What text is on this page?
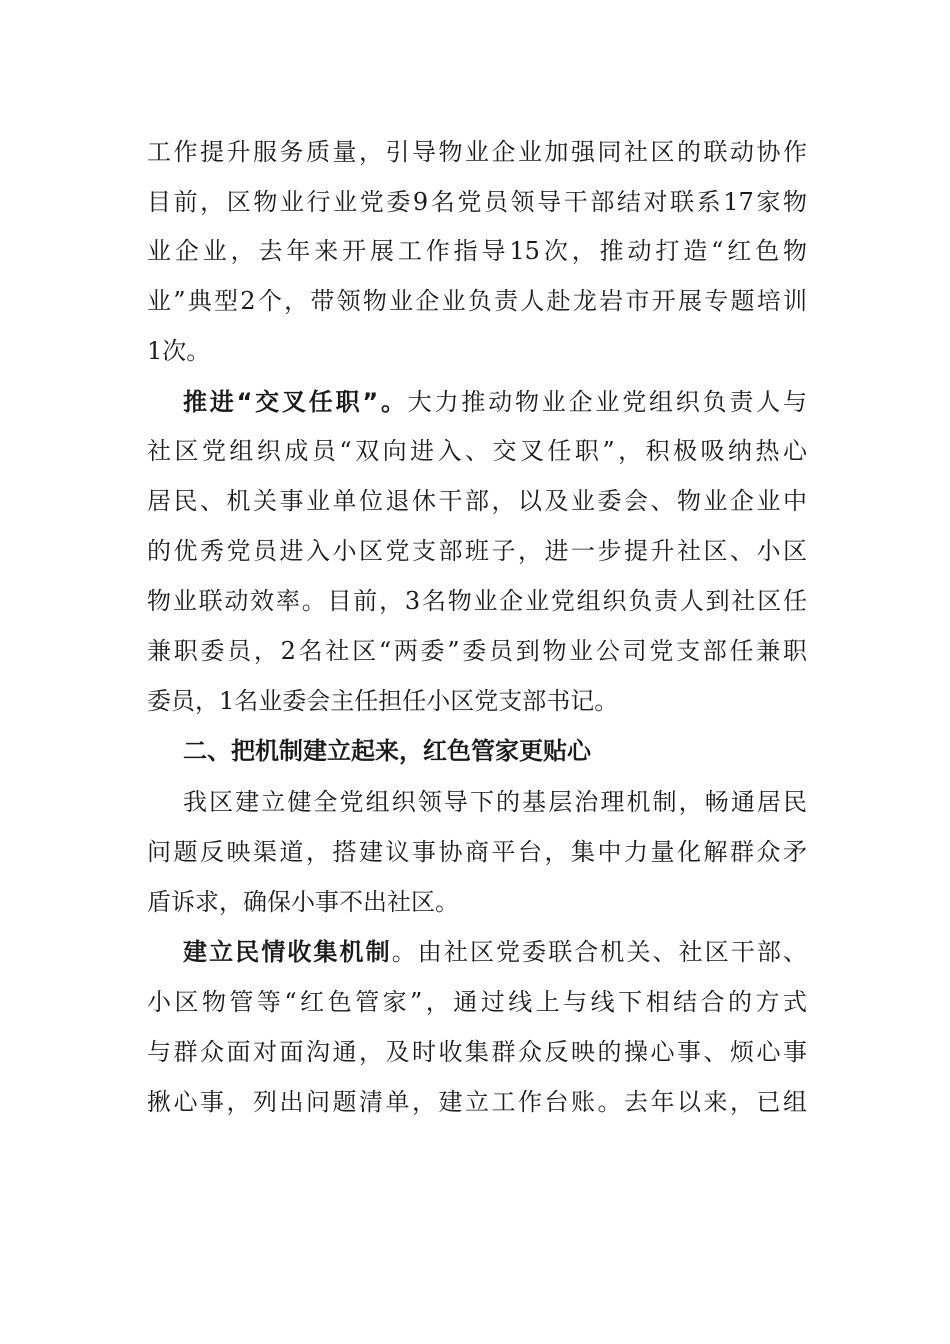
工作提升服务质量，引导物业企业加强同社区的联动协作
目前，区物业行业党委9名党员领导干部结对联系17家物
业企业，去年来开展工作指导15次，推动打造“红色物
业”典型2个，带领物业企业负责人赴龙岩市开展专题培训
1次。
推进“交叉任职”。大力推动物业企业党组织负责人与
社区党组织成员“双向进入、交叉任职”，积极吸纳热心
居民、机关事业单位退休干部，以及业委会、物业企业中
的优秀党员进入小区党支部班子，进一步提升社区、小区
物业联动效率。目前，3名物业企业党组织负责人到社区任
兼职委员，2名社区“两委”委员到物业公司党支部任兼职
委员，1名业委会主任担任小区党支部书记。
二、把机制建立起来，红色管家更贴心
我区建立健全党组织领导下的基层治理机制，畅通居民
问题反映渠道，搭建议事协商平台，集中力量化解群众矛
盾诉求，确保小事不出社区。
建立民情收集机制。由社区党委联合机关、社区干部、
小区物管等“红色管家”，通过线上与线下相结合的方式
与群众面对面沟通，及时收集群众反映的操心事、烦心事
揪心事，列出问题清单，建立工作台账。去年以来，已组
